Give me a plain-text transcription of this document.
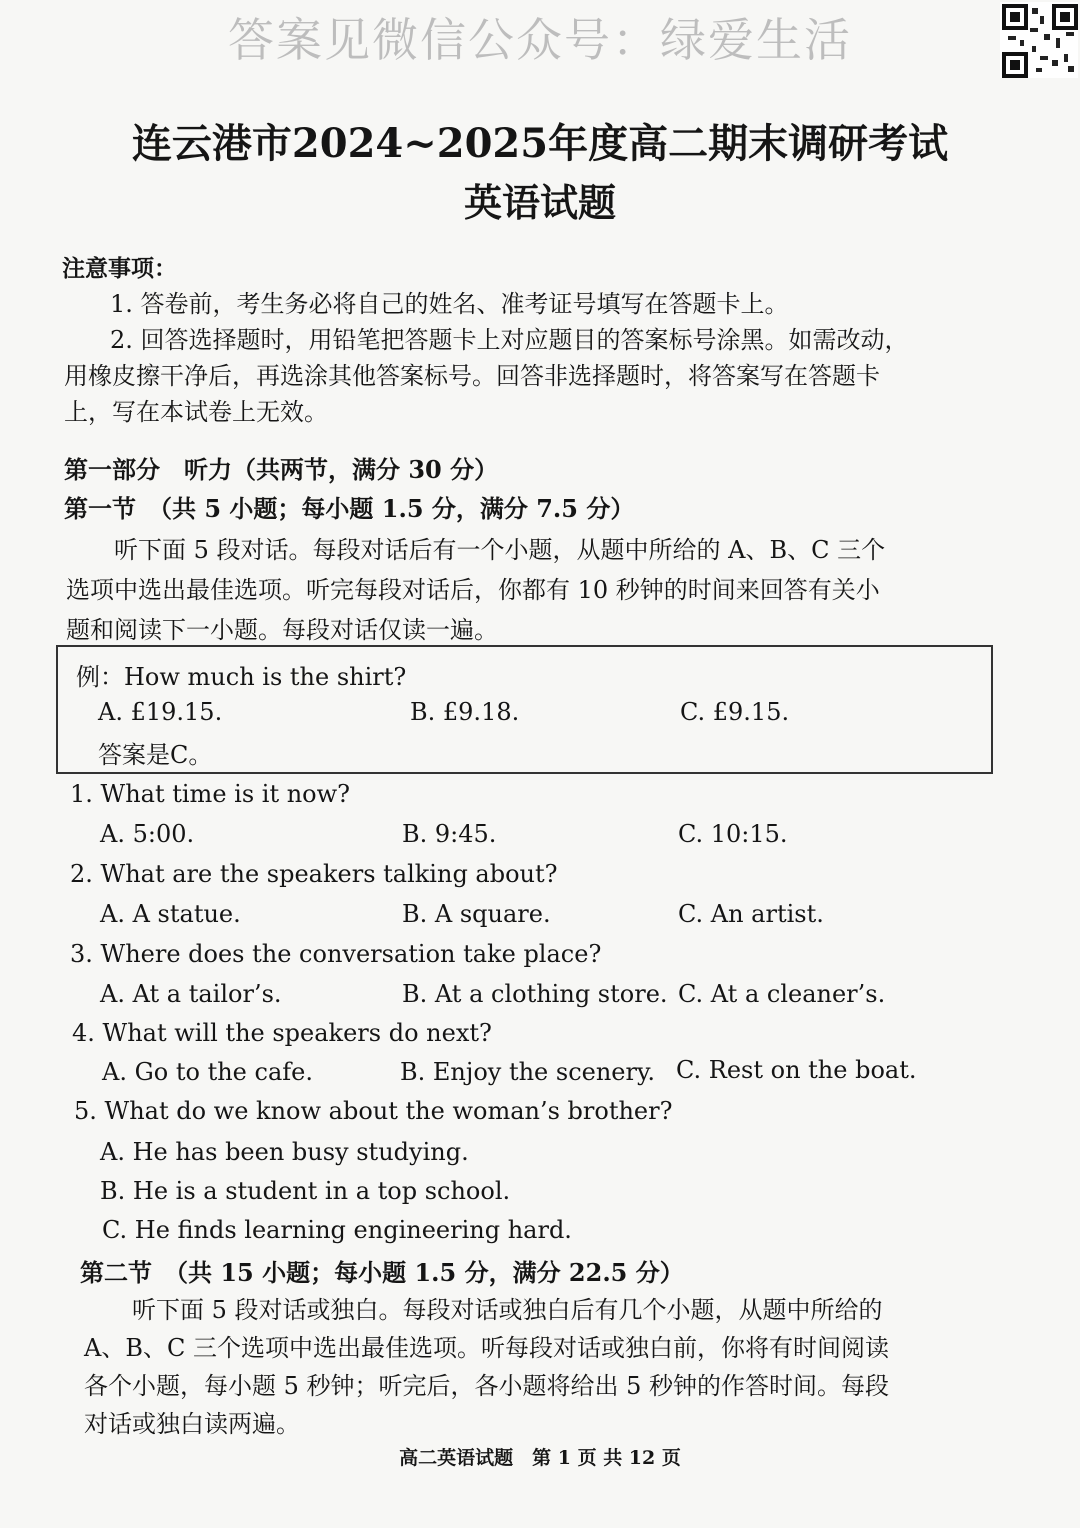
答案见微信公众号：绿爱生活
连云港市2024~2025年度高二期末调研考试
英语试题
注意事项：
1. 答卷前，考生务必将自己的姓名、准考证号填写在答题卡上。
2. 回答选择题时，用铅笔把答题卡上对应题目的答案标号涂黑。如需改动，
用橡皮擦干净后，再选涂其他答案标号。回答非选择题时，将答案写在答题卡
上，写在本试卷上无效。
第一部分　听力（共两节，满分 30 分）
第一节　（共 5 小题；每小题 1.5 分，满分 7.5 分）
听下面 5 段对话。每段对话后有一个小题，从题中所给的 A、B、C 三个
选项中选出最佳选项。听完每段对话后，你都有 10 秒钟的时间来回答有关小
题和阅读下一小题。每段对话仅读一遍。
例：How much is the shirt?
A. £19.15.	B. £9.18.	C. £9.15.
答案是C。
1. What time is it now?
A. 5:00.	B. 9:45.	C. 10:15.
2. What are the speakers talking about?
A. A statue.	B. A square.	C. An artist.
3. Where does the conversation take place?
A. At a tailor’s.	B. At a clothing store. C. At a cleaner’s.
4. What will the speakers do next?
A. Go to the cafe.	B. Enjoy the scenery. C. Rest on the boat.
5. What do we know about the woman’s brother?
A. He has been busy studying.
B. He is a student in a top school.
C. He finds learning engineering hard.
第二节　（共 15 小题；每小题 1.5 分，满分 22.5 分）
听下面 5 段对话或独白。每段对话或独白后有几个小题，从题中所给的
A、B、C 三个选项中选出最佳选项。听每段对话或独白前，你将有时间阅读
各个小题，每小题 5 秒钟；听完后，各小题将给出 5 秒钟的作答时间。每段
对话或独白读两遍。
高二英语试题　第 1 页 共 12 页
